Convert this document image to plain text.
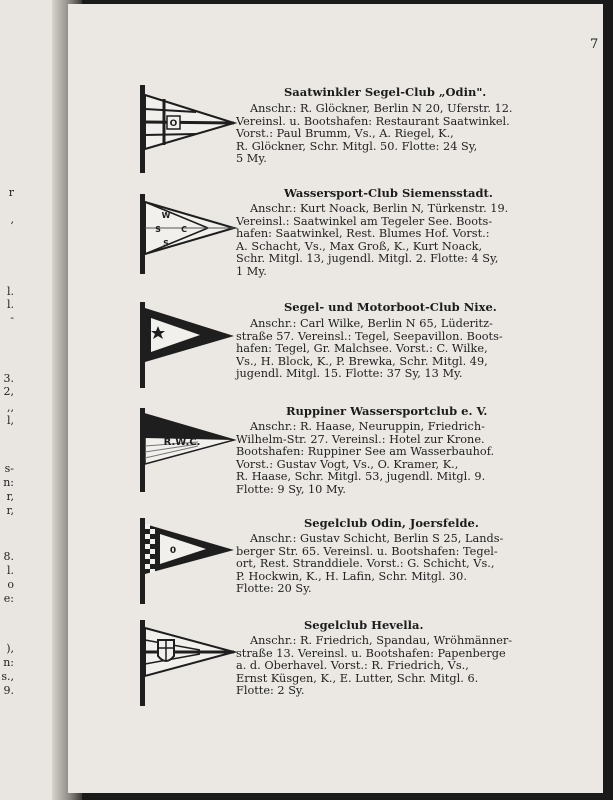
r
,
l.
l.
-
3.
2,
,,
l,
s-
n:
r,
r,
8.
l.
o
e:
),
n:
s.,
9.
7
O
Saatwinkler Segel-Club „Odin".
Anschr.: R. Glöckner, Berlin N 20, Uferstr. 12.
Vereinsl. u. Bootshafen: Restaurant Saatwinkel.
Vorst.: Paul Brumm, Vs., A. Riegel, K.,
R. Glöckner, Schr. Mitgl. 50. Flotte: 24 Sy,
5 My.
W
S	C
S
Wassersport-Club Siemensstadt.
Anschr.: Kurt Noack, Berlin N, Türkenstr. 19.
Vereinsl.: Saatwinkel am Tegeler See. Boots-
hafen: Saatwinkel, Rest. Blumes Hof. Vorst.:
A. Schacht, Vs., Max Groß, K., Kurt Noack,
Schr. Mitgl. 13, jugendl. Mitgl. 2. Flotte: 4 Sy,
1 My.
Segel- und Motorboot-Club Nixe.
Anschr.: Carl Wilke, Berlin N 65, Lüderitz-
straße 57. Vereinsl.: Tegel, Seepavillon. Boots-
hafen: Tegel, Gr. Malchsee. Vorst.: C. Wilke,
Vs., H. Block, K., P. Brewka, Schr. Mitgl. 49,
jugendl. Mitgl. 15. Flotte: 37 Sy, 13 My.
R.W.C.
Ruppiner Wassersportclub e. V.
Anschr.: R. Haase, Neuruppin, Friedrich-
Wilhelm-Str. 27. Vereinsl.: Hotel zur Krone.
Bootshafen: Ruppiner See am Wasserbauhof.
Vorst.: Gustav Vogt, Vs., O. Kramer, K.,
R. Haase, Schr. Mitgl. 53, jugendl. Mitgl. 9.
Flotte: 9 Sy, 10 My.
0
Segelclub Odin, Joersfelde.
Anschr.: Gustav Schicht, Berlin S 25, Lands-
berger Str. 65. Vereinsl. u. Bootshafen: Tegel-
ort, Rest. Stranddiele. Vorst.: G. Schicht, Vs.,
P. Hockwin, K., H. Lafin, Schr. Mitgl. 30.
Flotte: 20 Sy.
Segelclub Hevella.
Anschr.: R. Friedrich, Spandau, Wröhmänner-
straße 13. Vereinsl. u. Bootshafen: Papenberge
a. d. Oberhavel. Vorst.: R. Friedrich, Vs.,
Ernst Küsgen, K., E. Lutter, Schr. Mitgl. 6.
Flotte: 2 Sy.
